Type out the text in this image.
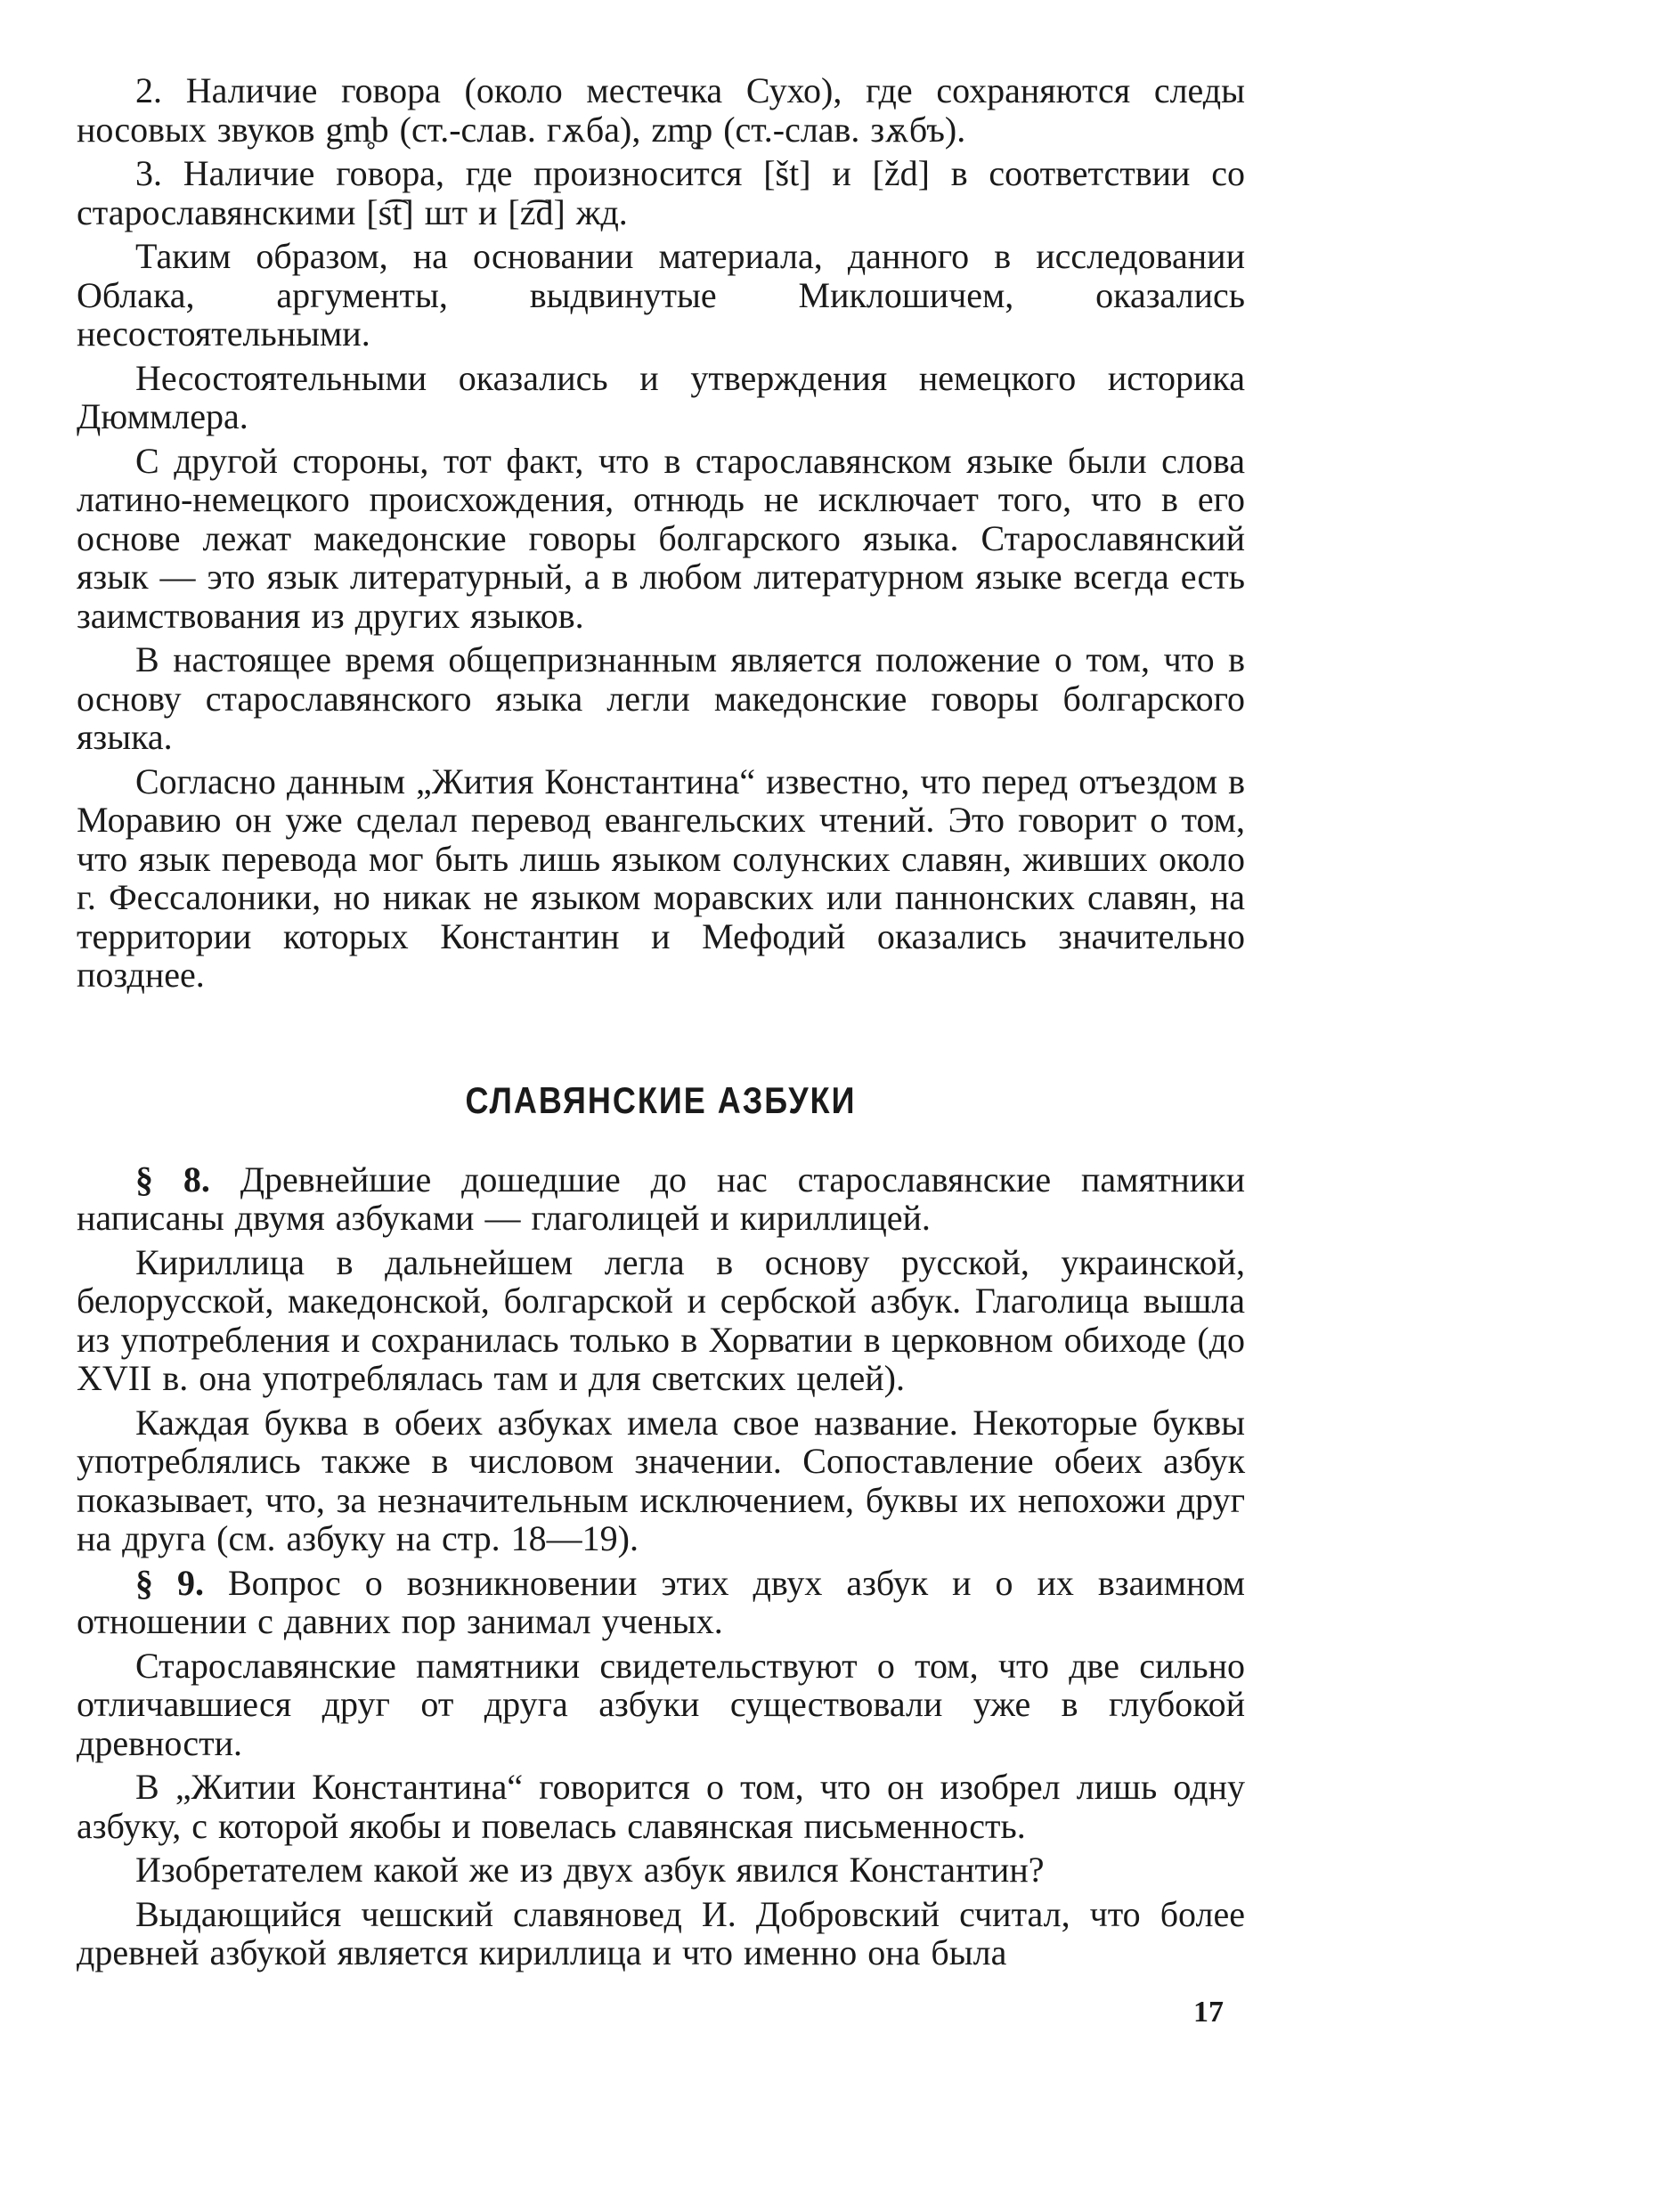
2. Наличие говора (около местечка Сухо), где сохраняются следы носовых звуков gm̥b (ст.-слав. гѫба), zm̥p (ст.-слав. зѫбъ).

3. Наличие говора, где произносится [št] и [žd] в соответствии со старославянскими [s͡t] шт и [z͡d] жд.

Таким образом, на основании материала, данного в исследовании Облака, аргументы, выдвинутые Миклошичем, оказались несостоятельными.

Несостоятельными оказались и утверждения немецкого историка Дюммлера.

С другой стороны, тот факт, что в старославянском языке были слова латино-немецкого происхождения, отнюдь не исключает того, что в его основе лежат македонские говоры болгарского языка. Старославянский язык — это язык литературный, а в любом литературном языке всегда есть заимствования из других языков.

В настоящее время общепризнанным является положение о том, что в основу старославянского языка легли македонские говоры болгарского языка.

Согласно данным „Жития Константина“ известно, что перед отъездом в Моравию он уже сделал перевод евангельских чтений. Это говорит о том, что язык перевода мог быть лишь языком солунских славян, живших около г. Фессалоники, но никак не языком моравских или паннонских славян, на территории которых Константин и Мефодий оказались значительно позднее.

СЛАВЯНСКИЕ АЗБУКИ

§ 8. Древнейшие дошедшие до нас старославянские памятники написаны двумя азбуками — глаголицей и кириллицей.

Кириллица в дальнейшем легла в основу русской, украинской, белорусской, македонской, болгарской и сербской азбук. Глаголица вышла из употребления и сохранилась только в Хорватии в церковном обиходе (до XVII в. она употреблялась там и для светских целей).

Каждая буква в обеих азбуках имела свое название. Некоторые буквы употреблялись также в числовом значении. Сопоставление обеих азбук показывает, что, за незначительным исключением, буквы их непохожи друг на друга (см. азбуку на стр. 18—19).

§ 9. Вопрос о возникновении этих двух азбук и о их взаимном отношении с давних пор занимал ученых.

Старославянские памятники свидетельствуют о том, что две сильно отличавшиеся друг от друга азбуки существовали уже в глубокой древности.

В „Житии Константина“ говорится о том, что он изобрел лишь одну азбуку, с которой якобы и повелась славянская письменность.

Изобретателем какой же из двух азбук явился Константин?

Выдающийся чешский славяновед И. Добровский считал, что более древней азбукой является кириллица и что именно она была

17
